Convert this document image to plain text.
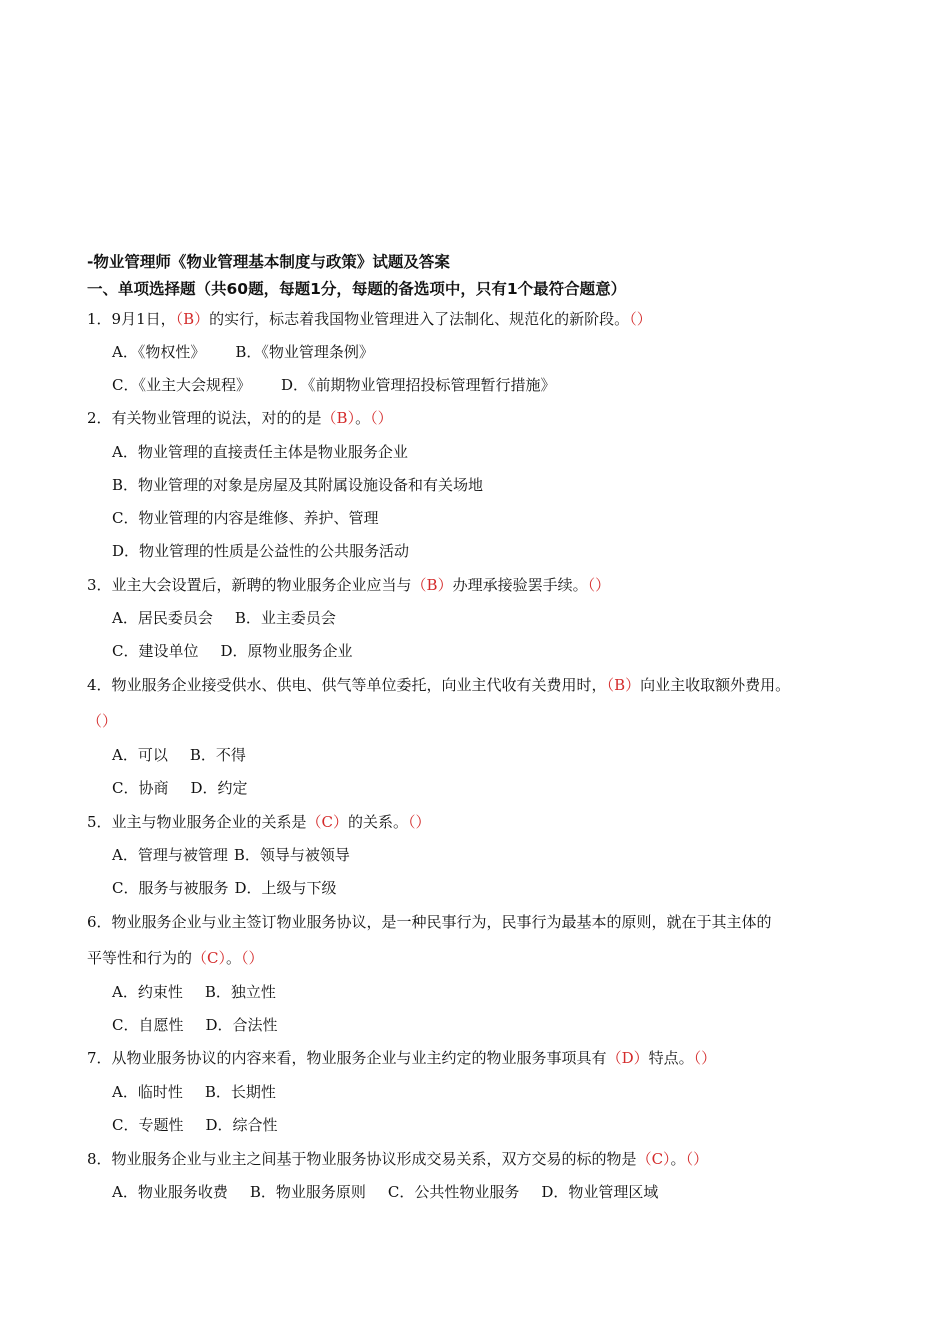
-物业管理师《物业管理基本制度与政策》试题及答案
一、单项选择题（共60题，每题1分，每题的备选项中，只有1个最符合题意）
1．9月1日，（B）的实行，标志着我国物业管理进入了法制化、规范化的新阶段。（）
A．《物权性》 B．《物业管理条例》
C．《业主大会规程》 D．《前期物业管理招投标管理暂行措施》
2．有关物业管理的说法，对的的是（B）。（）
A．物业管理的直接责任主体是物业服务企业
B．物业管理的对象是房屋及其附属设施设备和有关场地
C．物业管理的内容是维修、养护、管理
D．物业管理的性质是公益性的公共服务活动
3．业主大会设置后，新聘的物业服务企业应当与（B）办理承接验罢手续。（）
A．居民委员会 B．业主委员会
C．建设单位 D．原物业服务企业
4．物业服务企业接受供水、供电、供气等单位委托，向业主代收有关费用时，（B）向业主收取额外费用。
（）
A．可以 B．不得
C．协商 D．约定
5．业主与物业服务企业的关系是（C）的关系。（）
A．管理与被管理 B．领导与被领导
C．服务与被服务 D．上级与下级
6．物业服务企业与业主签订物业服务协议，是一种民事行为，民事行为最基本的原则，就在于其主体的
平等性和行为的（C）。（）
A．约束性 B．独立性
C．自愿性 D．合法性
7．从物业服务协议的内容来看，物业服务企业与业主约定的物业服务事项具有（D）特点。（）
A．临时性 B．长期性
C．专题性 D．综合性
8．物业服务企业与业主之间基于物业服务协议形成交易关系，双方交易的标的物是（C）。（）
A．物业服务收费 B．物业服务原则 C．公共性物业服务 D．物业管理区域
